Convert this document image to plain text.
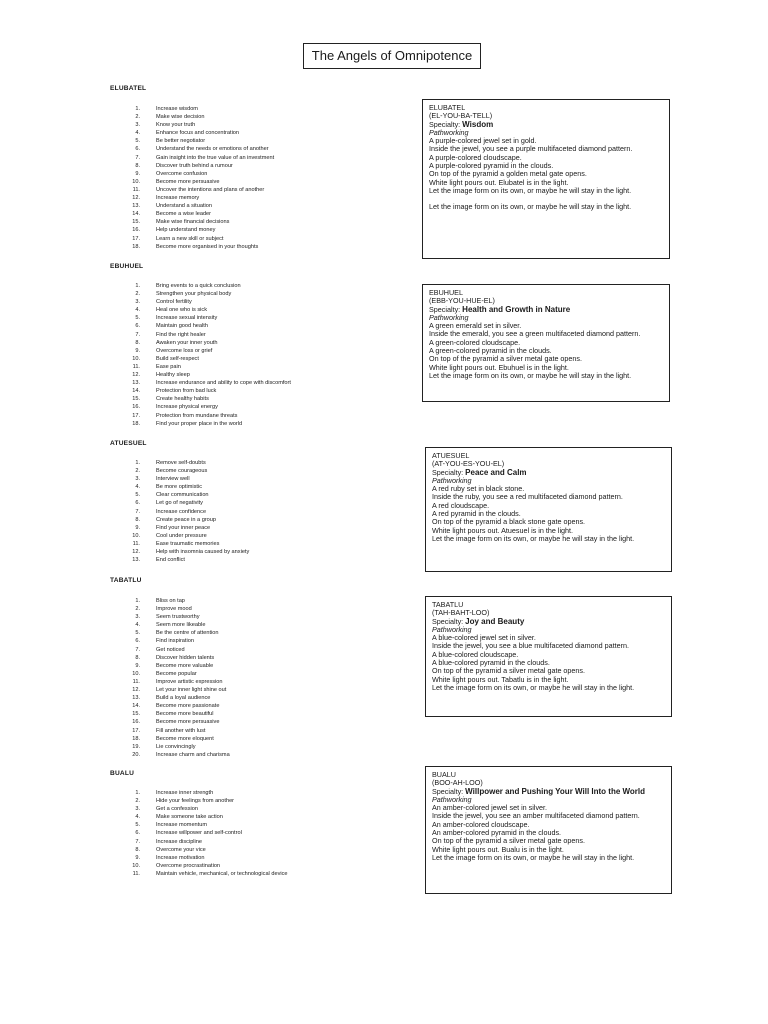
The Angels of Omnipotence
ELUBATEL
1.	Increase wisdom
2.	Make wise decision
3.	Know your truth
4.	Enhance focus and concentration
5.	Be better negotiator
6.	Understand the needs or emotions of another
7.	Gain insight into the true value of an investment
8.	Discover truth behind a rumour
9.	Overcome confusion
10.	Become more persuasive
11.	Uncover the intentions and plans of another
12.	Increase memory
13.	Understand a situation
14.	Become a wise leader
15.	Make wise financial decisions
16.	Help understand money
17.	Learn a new skill or subject
18.	Become more organised in your thoughts
ELUBATEL
(EL-YOU-BA-TELL)
Specialty: Wisdom
Pathworking
A purple-colored jewel set in gold.
Inside the jewel, you see a purple multifaceted diamond pattern.
A purple-colored cloudscape.
A purple-colored pyramid in the clouds.
On top of the pyramid a golden metal gate opens.
White light pours out. Elubatel is in the light.
Let the image form on its own, or maybe he will stay in the light.
Let the image form on its own, or maybe he will stay in the light.
EBUHUEL
1.	Bring events to a quick conclusion
2.	Strengthen your physical body
3.	Control fertility
4.	Heal one who is sick
5.	Increase sexual intensity
6.	Maintain good health
7.	Find the right healer
8.	Awaken your inner youth
9.	Overcome loss or grief
10.	Build self-respect
11.	Ease pain
12.	Healthy sleep
13.	Increase endurance and ability to cope with discomfort
14.	Protection from bad luck
15.	Create healthy habits
16.	Increase physical energy
17.	Protection from mundane threats
18.	Find your proper place in the world
EBUHUEL
(EBB-YOU-HUE-EL)
Specialty: Health and Growth in Nature
Pathworking
A green emerald set in silver.
Inside the emerald, you see a green multifaceted diamond pattern.
A green-colored cloudscape.
A green-colored pyramid in the clouds.
On top of the pyramid a silver metal gate opens.
White light pours out. Ebuhuel is in the light.
Let the image form on its own, or maybe he will stay in the light.
ATUESUEL
1.	Remove self-doubts
2.	Become courageous
3.	Interview well
4.	Be more optimistic
5.	Clear communication
6.	Let go of negativity
7.	Increase confidence
8.	Create peace in a group
9.	Find your inner peace
10.	Cool under pressure
11.	Ease traumatic memories
12.	Help with insomnia caused by anxiety
13.	End conflict
ATUESUEL
(AT-YOU-ES-YOU-EL)
Specialty: Peace and Calm
Pathworking
A red ruby set in black stone.
Inside the ruby, you see a red multifaceted diamond pattern.
A red cloudscape.
A red pyramid in the clouds.
On top of the pyramid a black stone gate opens.
White light pours out. Atuesuel is in the light.
Let the image form on its own, or maybe he will stay in the light.
TABATLU
1.	Bliss on tap
2.	Improve mood
3.	Seem trustworthy
4.	Seem more likeable
5.	Be the centre of attention
6.	Find inspiration
7.	Get noticed
8.	Discover hidden talents
9.	Become more valuable
10.	Become popular
11.	Improve artistic expression
12.	Let your inner light shine out
13.	Build a loyal audience
14.	Become more passionate
15.	Become more beautiful
16.	Become more persuasive
17.	Fill another with lust
18.	Become more eloquent
19.	Lie convincingly
20.	Increase charm and charisma
TABATLU
(TAH-BAHT-LOO)
Specialty: Joy and Beauty
Pathworking
A blue-colored jewel set in silver.
Inside the jewel, you see a blue multifaceted diamond pattern.
A blue-colored cloudscape.
A blue-colored pyramid in the clouds.
On top of the pyramid a silver metal gate opens.
White light pours out. Tabatlu is in the light.
Let the image form on its own, or maybe he will stay in the light.
BUALU
1.	Increase inner strength
2.	Hide your feelings from another
3.	Get a confession
4.	Make someone take action
5.	Increase momentum
6.	Increase willpower and self-control
7.	Increase discipline
8.	Overcome your vice
9.	Increase motivation
10.	Overcome procrastination
11.	Maintain vehicle, mechanical, or technological device
BUALU
(BOO-AH-LOO)
Specialty: Willpower and Pushing Your Will Into the World
Pathworking
An amber-colored jewel set in silver.
Inside the jewel, you see an amber multifaceted diamond pattern.
An amber-colored cloudscape.
An amber-colored pyramid in the clouds.
On top of the pyramid a silver metal gate opens.
White light pours out. Bualu is in the light.
Let the image form on its own, or maybe he will stay in the light.
